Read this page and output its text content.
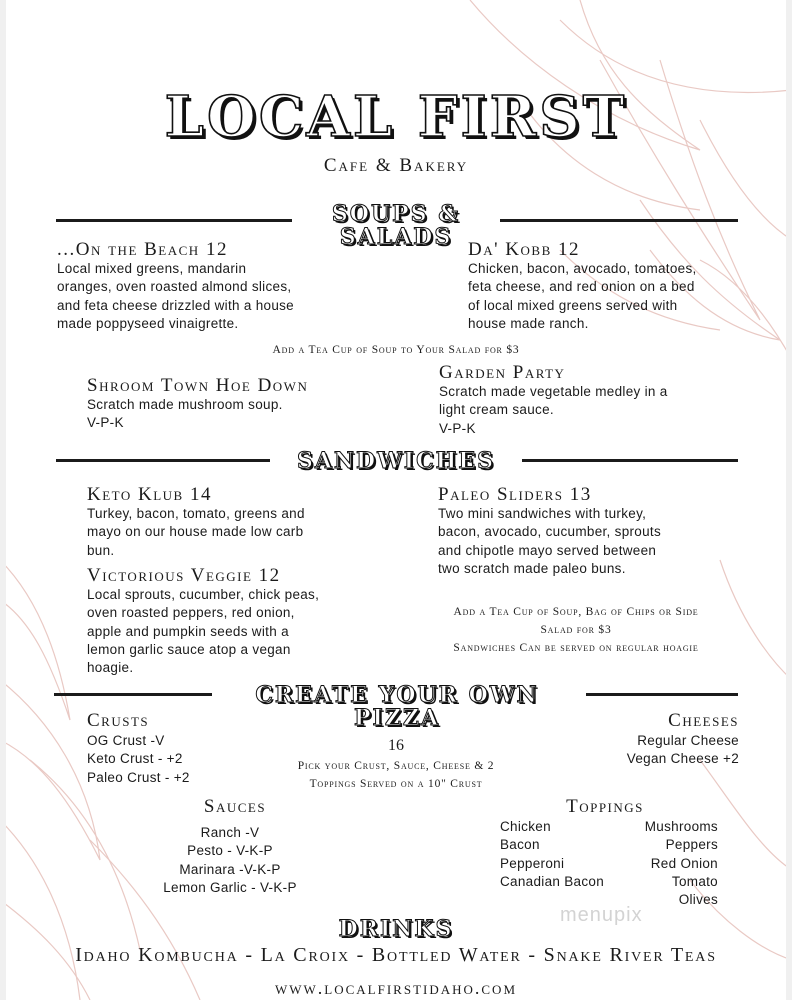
LOCAL FIRST
Cafe & Bakery
SOUPS &
SALADS
...On the Beach 12
Local mixed greens, mandarin
oranges, oven roasted almond slices,
and feta cheese drizzled with a house
made poppyseed vinaigrette.
Da' Kobb 12
Chicken, bacon, avocado, tomatoes,
feta cheese, and red onion on a bed
of local mixed greens served with
house made ranch.
Add a Tea Cup of Soup to Your Salad for $3
Shroom Town Hoe Down
Scratch made mushroom soup.
V-P-K
Garden Party
Scratch made vegetable medley in a
light cream sauce.
V-P-K
SANDWICHES
Keto Klub 14
Turkey, bacon, tomato, greens and
mayo on our house made low carb
bun.
Paleo Sliders 13
Two mini sandwiches with turkey,
bacon, avocado, cucumber, sprouts
and chipotle mayo served between
two scratch made paleo buns.
Victorious Veggie 12
Local sprouts, cucumber, chick peas,
oven roasted peppers, red onion,
apple and pumpkin seeds with a
lemon garlic sauce atop a vegan
hoagie.
Add a Tea Cup of Soup, Bag of Chips or Side
Salad for $3
Sandwiches Can be served on regular hoagie
CREATE YOUR OWN
PIZZA
16
Pick your Crust, Sauce, Cheese & 2
Toppings Served on a 10" Crust
Crusts
OG Crust -V
Keto Crust - +2
Paleo Crust - +2
Cheeses
Regular Cheese
Vegan Cheese +2
Sauces
Ranch -V
Pesto - V-K-P
Marinara -V-K-P
Lemon Garlic - V-K-P
Toppings
Chicken
Bacon
Pepperoni
Canadian Bacon
Mushrooms
Peppers
Red Onion
Tomato
Olives
menupix
DRINKS
Idaho Kombucha - La Croix - Bottled Water - Snake River Teas
www.localfirstidaho.com
